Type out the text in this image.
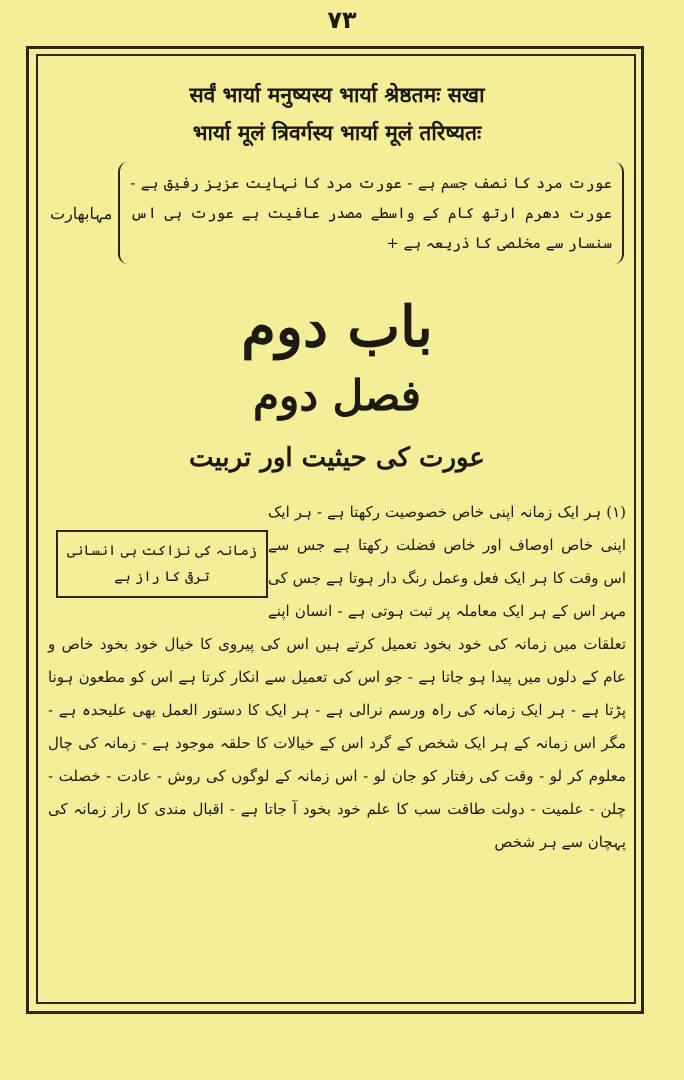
۷۳
सर्वं भार्या मनुष्यस्य भार्या श्रेष्ठतमः सखा
भार्या मूलं त्रिवर्गस्य भार्या मूलं तरिष्यतः
عورت مرد کا نصف جسم ہے - عورت مرد کا نہایت عزیز رفیق ہے - عورت دھرم ارتھ کام کے واسطے مصدر عافیت ہے عورت ہی اس سنسار سے مخلصی کا ذریعہ ہے +
مہابھارت
باب دوم
فصل دوم
عورت کی حیثیت اور تربیت
زمانہ کی نزاکت ہی انسانی ترقی کا راز ہے

(۱) ہر ایک زمانہ اپنی خاص خصوصیت رکھتا ہے - ہر ایک اپنی خاص اوصاف اور خاص فضلت رکھتا ہے جس سے اس وقت کا ہر ایک فعل وعمل رنگ دار ہوتا ہے جس کی مہر اس کے ہر ایک معاملہ پر ثبت ہوتی ہے - انسان اپنے تعلقات میں زمانہ کی خود بخود تعمیل کرتے ہیں اس کی پیروی کا خیال خود بخود خاص و عام کے دلوں میں پیدا ہو جاتا ہے - جو اس کی تعمیل سے انکار کرتا ہے اس کو مطعون ہونا پڑتا ہے - ہر ایک زمانہ کی راہ ورسم نرالی ہے - ہر ایک کا دستور العمل بھی علیحدہ ہے - مگر اس زمانہ کے ہر ایک شخص کے گرد اس کے خیالات کا حلقہ موجود ہے - زمانہ کی چال معلوم کر لو - وقت کی رفتار کو جان لو - اس زمانہ کے لوگوں کی روش - عادت - خصلت - چلن - علمیت - دولت طاقت سب کا علم خود بخود آ جاتا ہے - اقبال مندی کا راز زمانہ کی پہچان سے ہر شخص
